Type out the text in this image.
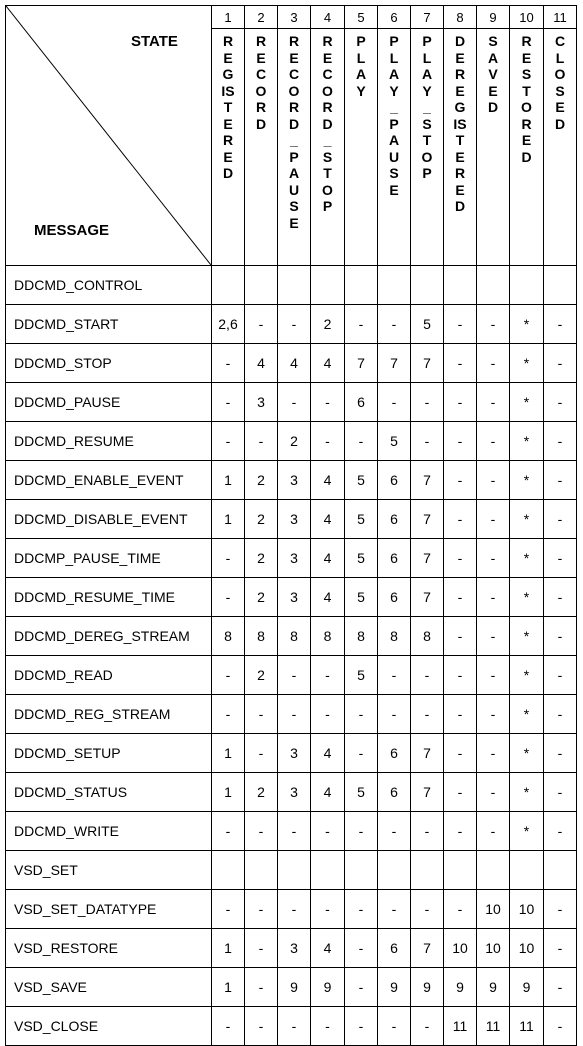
STATE
MESSAGE	1	2	3	4	5	6	7	8	9	10	11

	REGISTERED	RECORD	RECORD_PAUSE	RECORD_STOP	PLAY	PLAY_PAUSE	PLAY_STOP	DEREGISTERED	SAVED	RESTORED	CLOSED

DDCMD_CONTROL											
DDCMD_START	2,6	-	-	2	-	-	5	-	-	*	-
DDCMD_STOP	-	4	4	4	7	7	7	-	-	*	-
DDCMD_PAUSE	-	3	-	-	6	-	-	-	-	*	-
DDCMD_RESUME	-	-	2	-	-	5	-	-	-	*	-
DDCMD_ENABLE_EVENT	1	2	3	4	5	6	7	-	-	*	-
DDCMD_DISABLE_EVENT	1	2	3	4	5	6	7	-	-	*	-
DDCMP_PAUSE_TIME	-	2	3	4	5	6	7	-	-	*	-
DDCMD_RESUME_TIME	-	2	3	4	5	6	7	-	-	*	-
DDCMD_DEREG_STREAM	8	8	8	8	8	8	8	-	-	*	-
DDCMD_READ	-	2	-	-	5	-	-	-	-	*	-
DDCMD_REG_STREAM	-	-	-	-	-	-	-	-	-	*	-
DDCMD_SETUP	1	-	3	4	-	6	7	-	-	*	-
DDCMD_STATUS	1	2	3	4	5	6	7	-	-	*	-
DDCMD_WRITE	-	-	-	-	-	-	-	-	-	*	-
VSD_SET											
VSD_SET_DATATYPE	-	-	-	-	-	-	-	-	10	10	-
VSD_RESTORE	1	-	3	4	-	6	7	10	10	10	-
VSD_SAVE	1	-	9	9	-	9	9	9	9	9	-
VSD_CLOSE	-	-	-	-	-	-	-	11	11	11	-
